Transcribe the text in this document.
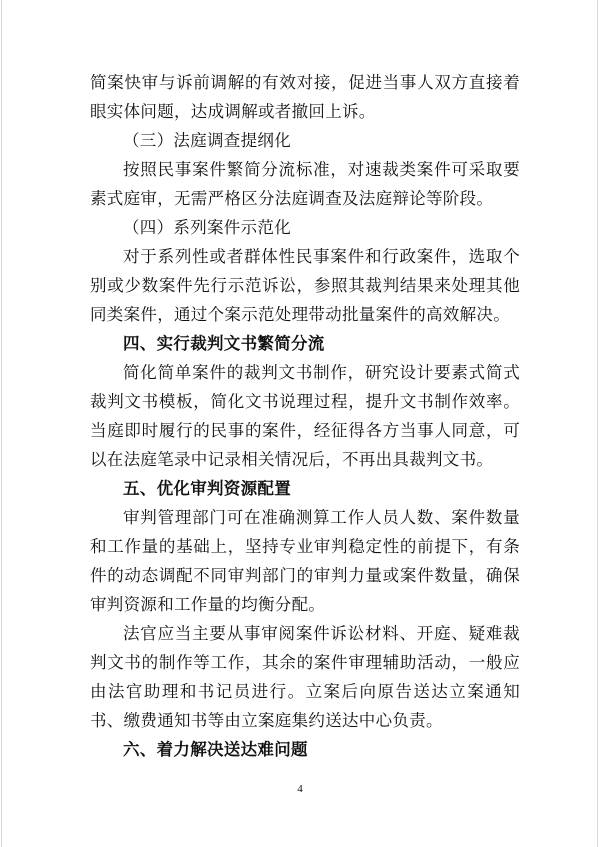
简案快审与诉前调解的有效对接，促进当事人双方直接着眼实体问题，达成调解或者撤回上诉。

（三）法庭调查提纲化

按照民事案件繁简分流标准，对速裁类案件可采取要素式庭审，无需严格区分法庭调查及法庭辩论等阶段。

（四）系列案件示范化

对于系列性或者群体性民事案件和行政案件，选取个别或少数案件先行示范诉讼，参照其裁判结果来处理其他同类案件，通过个案示范处理带动批量案件的高效解决。

四、实行裁判文书繁简分流

简化简单案件的裁判文书制作，研究设计要素式简式裁判文书模板，简化文书说理过程，提升文书制作效率。当庭即时履行的民事的案件，经征得各方当事人同意，可以在法庭笔录中记录相关情况后，不再出具裁判文书。

五、优化审判资源配置

审判管理部门可在准确测算工作人员人数、案件数量和工作量的基础上，坚持专业审判稳定性的前提下，有条件的动态调配不同审判部门的审判力量或案件数量，确保审判资源和工作量的均衡分配。

法官应当主要从事审阅案件诉讼材料、开庭、疑难裁判文书的制作等工作，其余的案件审理辅助活动，一般应由法官助理和书记员进行。立案后向原告送达立案通知书、缴费通知书等由立案庭集约送达中心负责。

六、着力解决送达难问题

4
